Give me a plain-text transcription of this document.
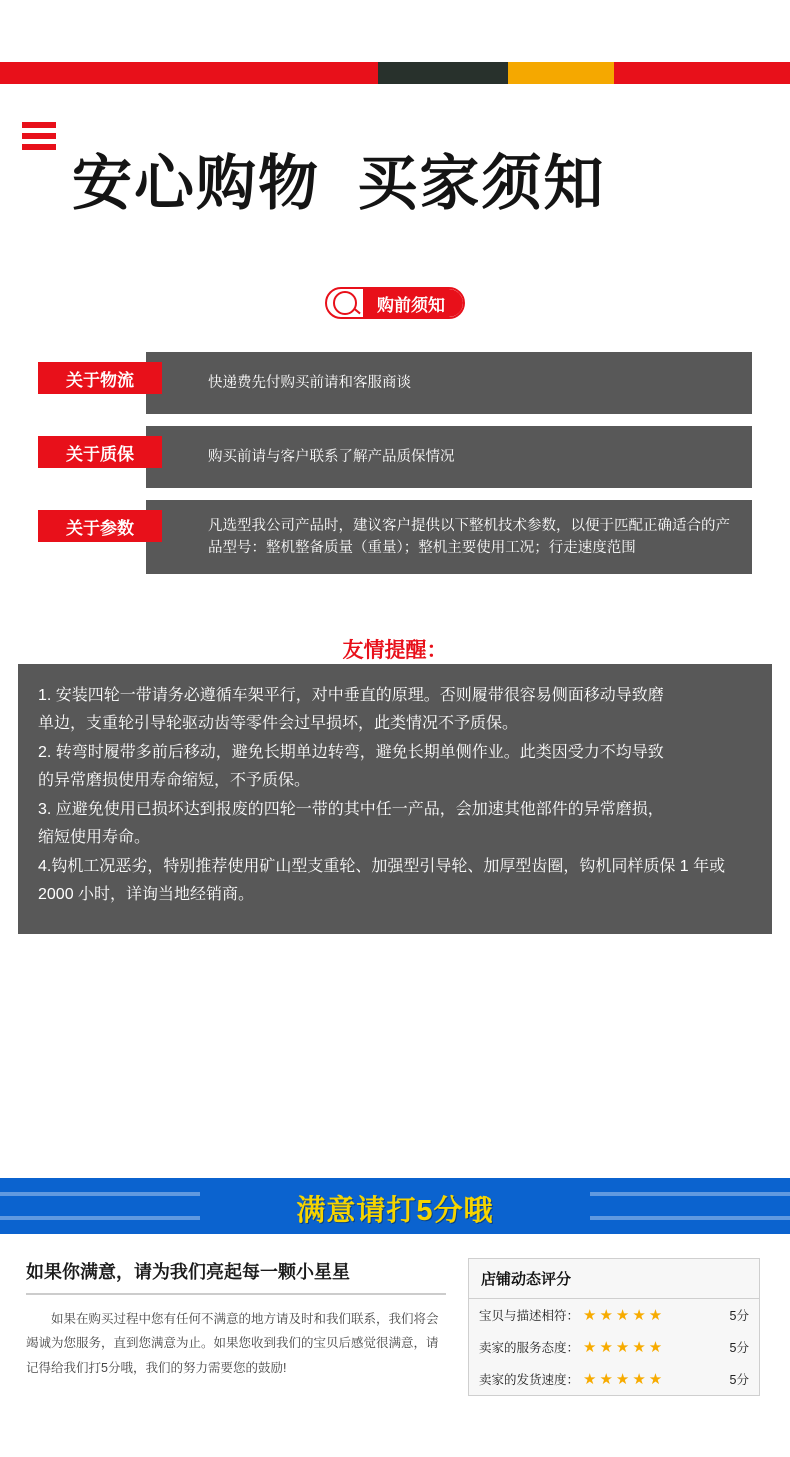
安心购物  买家须知
购前须知
关于物流	快递费先付购买前请和客服商谈
关于质保	购买前请与客户联系了解产品质保情况
关于参数	凡选型我公司产品时，建议客户提供以下整机技术参数，以便于匹配正确适合的产品型号：整机整备质量（重量）；整机主要使用工况；行走速度范围
友情提醒：

1. 安装四轮一带请务必遵循车架平行，对中垂直的原理。否则履带很容易侧面移动导致磨

单边，支重轮引导轮驱动齿等零件会过早损坏，此类情况不予质保。

2. 转弯时履带多前后移动，避免长期单边转弯，避免长期单侧作业。此类因受力不均导致

的异常磨损使用寿命缩短，不予质保。

3. 应避免使用已损坏达到报废的四轮一带的其中任一产品，会加速其他部件的异常磨损，

缩短使用寿命。

4.钩机工况恶劣，特别推荐使用矿山型支重轮、加强型引导轮、加厚型齿圈，钩机同样质保 1 年或 2000 小时，详询当地经销商。

满意请打5分哦
如果你满意，请为我们亮起每一颗小星星
如果在购买过程中您有任何不满意的地方请及时和我们联系，我们将会竭诚为您服务，直到您满意为止。如果您收到我们的宝贝后感觉很满意，请记得给我们打5分哦，我们的努力需要您的鼓励!
店铺动态评分
宝贝与描述相符： ★★★★★	5分
卖家的服务态度： ★★★★★	5分
卖家的发货速度： ★★★★★	5分
